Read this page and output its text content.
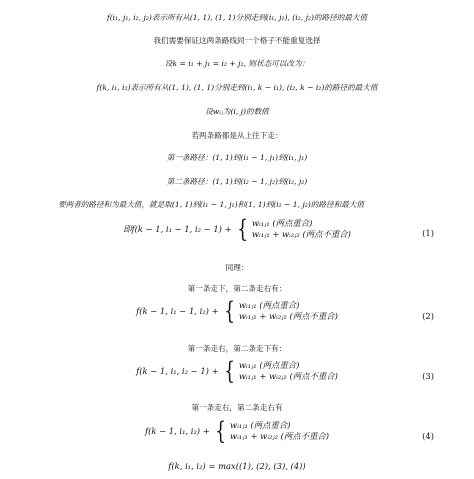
f(i₁, j₁, i₂, j₂)表示所有从(1, 1), (1, 1)分别走到(i₁, j₁), (i₂, j₂)的路径的最大值
我们需要保证这两条路线同一个格子不能重复选择
设k = i₁ + j₁ = i₂ + j₂, 则状态可以改为：
f(k, i₁, i₂)表示所有从(1, 1), (1, 1)分别走到(i₁, k − i₁), (i₂, k − i₂)的路径的最大值
设wᵢⱼ为(i, j)的数值
若两条路都是从上往下走：
第一条路径：(1, 1)到(i₁ − 1, j₁)到(i₁, j₁)
第二条路径：(1, 1)到(i₂ − 1, j₂)到(i₂, j₂)
要两者的路径和为最大值，就是取(1, 1)到(i₁ − 1, j₁)和(1, 1)到(i₂ − 1, j₂)的路径和最大值
即f(k − 1, i₁ − 1, i₂ − 1) + { wᵢ₁ⱼ₁ (两点重合)
wᵢ₁ⱼ₁ + wᵢ₂ⱼ₂ (两点不重合)	(1)
同理：
第一条走下，第二条走右有：
f(k − 1, i₁ − 1, i₂) + { wᵢ₁ⱼ₁ (两点重合)
wᵢ₁ⱼ₁ + wᵢ₂ⱼ₂ (两点不重合)	(2)
第一条走右，第二条走下有：
f(k − 1, i₁, i₂ − 1) + { wᵢ₁ⱼ₁ (两点重合)
wᵢ₁ⱼ₁ + wᵢ₂ⱼ₂ (两点不重合)	(3)
第一条走右，第二条走右有
f(k − 1, i₁, i₂) + { wᵢ₁ⱼ₁ (两点重合)
wᵢ₁ⱼ₁ + wᵢ₂ⱼ₂ (两点不重合)	(4)
f(k, i₁, i₂) = max((1), (2), (3), (4))
